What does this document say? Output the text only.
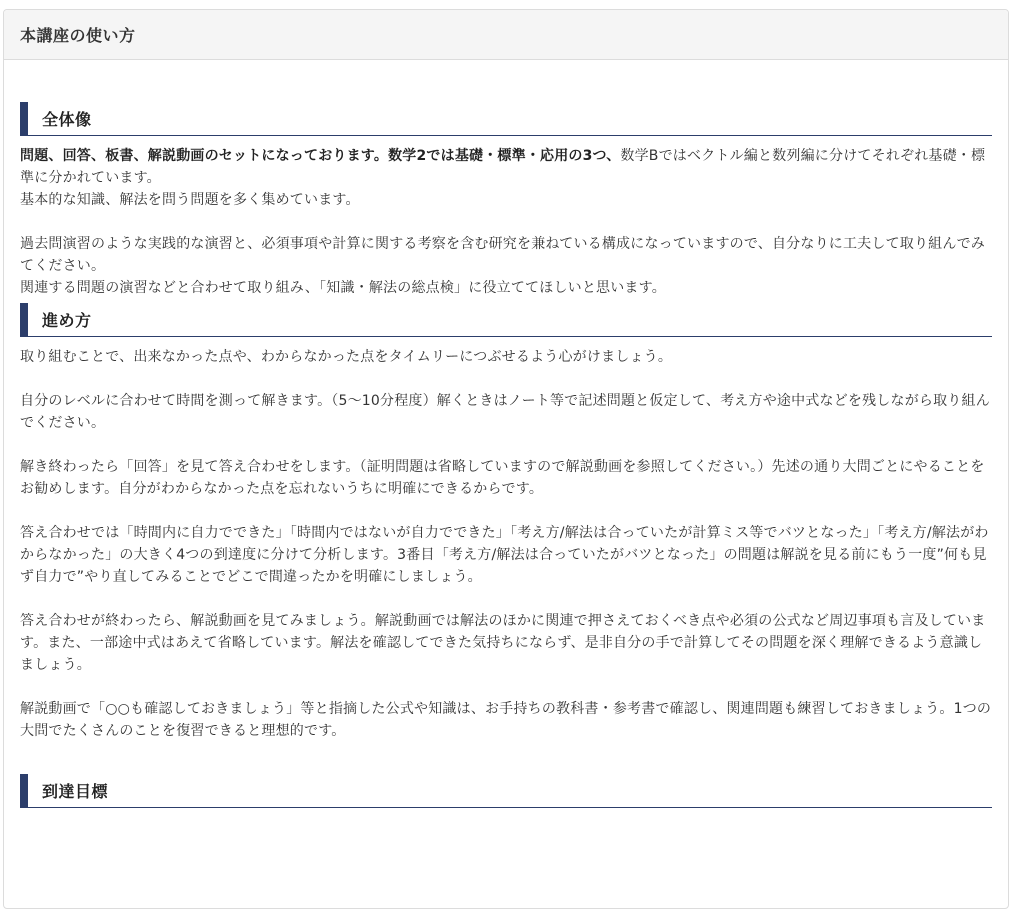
本講座の使い方
全体像

問題、回答、板書、解説動画のセットになっております。数学2では基礎・標準・応用の3つ、数学Bではベクトル編と数列編に分けてそれぞれ基礎・標準に分かれています。

基本的な知識、解法を問う問題を多く集めています。

過去問演習のような実践的な演習と、必須事項や計算に関する考察を含む研究を兼ねている構成になっていますので、自分なりに工夫して取り組んでみてください。

関連する問題の演習などと合わせて取り組み、「知識・解法の総点検」に役立ててほしいと思います。

進め方

取り組むことで、出来なかった点や、わからなかった点をタイムリーにつぶせるよう心がけましょう。

自分のレベルに合わせて時間を測って解きます。（5〜10分程度）解くときはノート等で記述問題と仮定して、考え方や途中式などを残しながら取り組んでください。

解き終わったら「回答」を見て答え合わせをします。（証明問題は省略していますので解説動画を参照してください。）先述の通り大問ごとにやることをお勧めします。自分がわからなかった点を忘れないうちに明確にできるからです。

答え合わせでは「時間内に自力でできた」「時間内ではないが自力でできた」「考え方/解法は合っていたが計算ミス等でバツとなった」「考え方/解法がわからなかった」の大きく4つの到達度に分けて分析します。3番目「考え方/解法は合っていたがバツとなった」の問題は解説を見る前にもう一度”何も見ず自力で”やり直してみることでどこで間違ったかを明確にしましょう。

答え合わせが終わったら、解説動画を見てみましょう。解説動画では解法のほかに関連で押さえておくべき点や必須の公式など周辺事項も言及しています。また、一部途中式はあえて省略しています。解法を確認してできた気持ちにならず、是非自分の手で計算してその問題を深く理解できるよう意識しましょう。

解説動画で「○○も確認しておきましょう」等と指摘した公式や知識は、お手持ちの教科書・参考書で確認し、関連問題も練習しておきましょう。1つの大問でたくさんのことを復習できると理想的です。

到達目標
